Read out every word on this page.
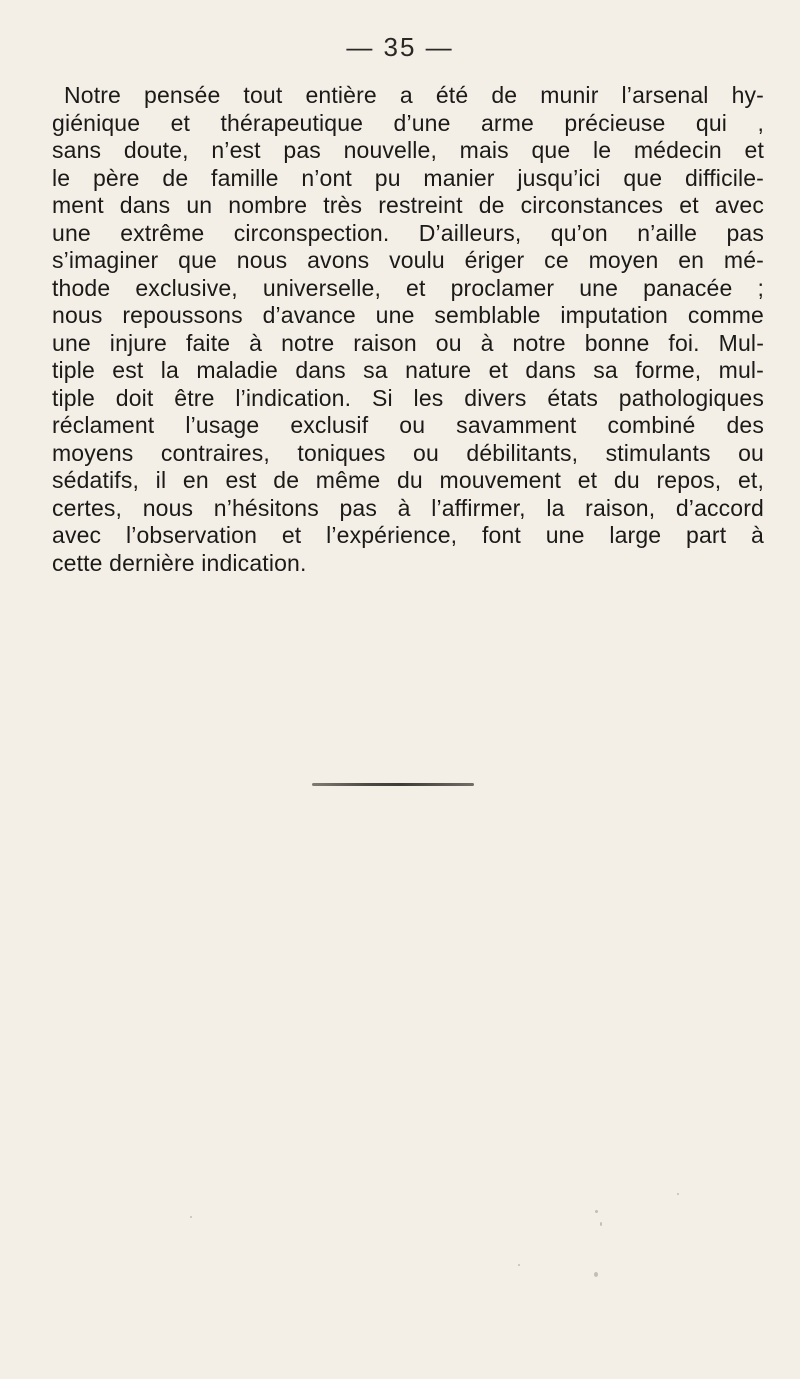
— 35 —
Notre pensée tout entière a été de munir l’arsenal hy-
giénique et thérapeutique d’une arme précieuse qui ,
sans doute, n’est pas nouvelle, mais que le médecin et
le père de famille n’ont pu manier jusqu’ici que difficile-
ment dans un nombre très restreint de circonstances et avec
une extrême circonspection. D’ailleurs, qu’on n’aille pas
s’imaginer que nous avons voulu ériger ce moyen en mé-
thode exclusive, universelle, et proclamer une panacée ;
nous repoussons d’avance une semblable imputation comme
une injure faite à notre raison ou à notre bonne foi. Mul-
tiple est la maladie dans sa nature et dans sa forme, mul-
tiple doit être l’indication. Si les divers états pathologiques
réclament l’usage exclusif ou savamment combiné des
moyens contraires, toniques ou débilitants, stimulants ou
sédatifs, il en est de même du mouvement et du repos, et,
certes, nous n’hésitons pas à l’affirmer, la raison, d’accord
avec l’observation et l’expérience, font une large part à
cette dernière indication.
